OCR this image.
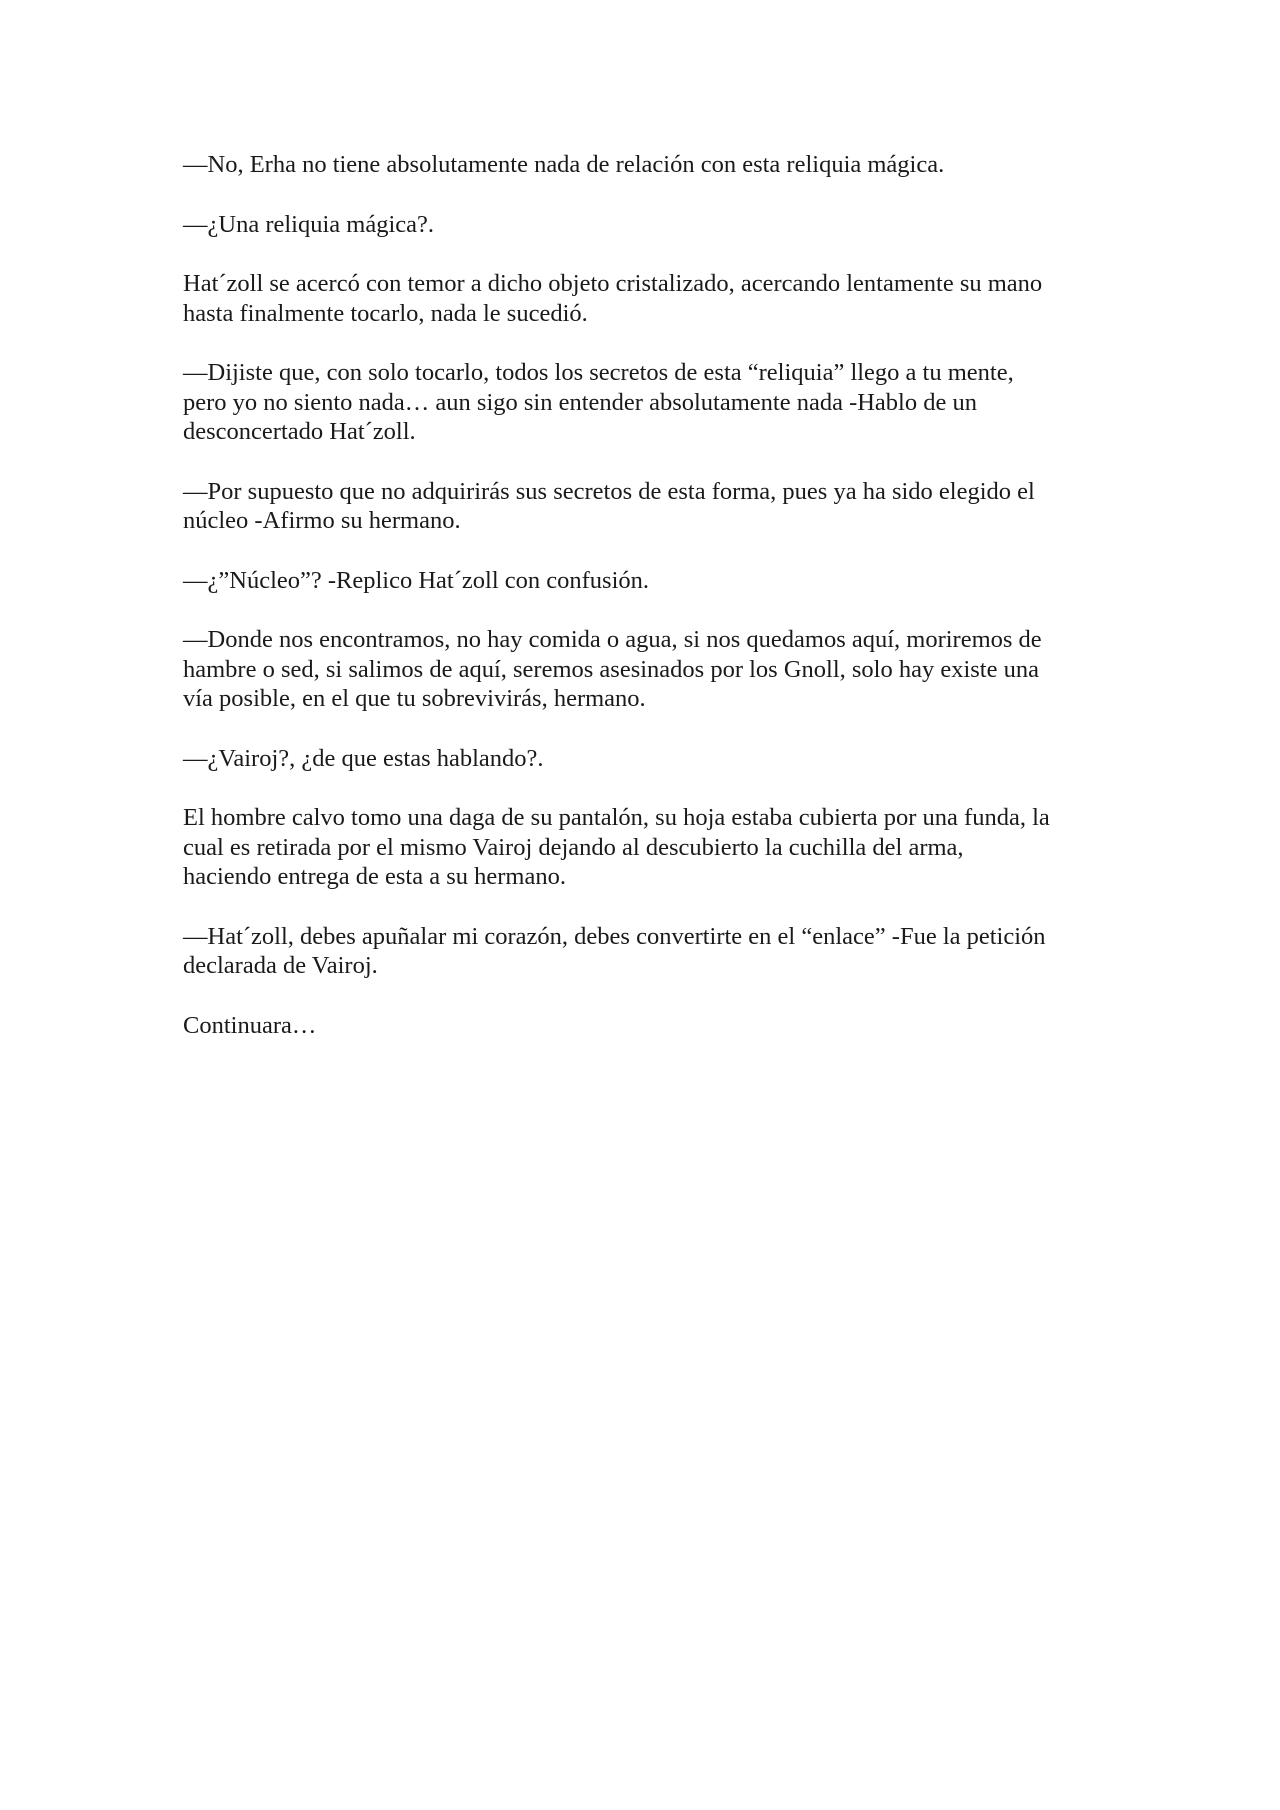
—No, Erha no tiene absolutamente nada de relación con esta reliquia mágica.

—¿Una reliquia mágica?.

Hat´zoll se acercó con temor a dicho objeto cristalizado, acercando lentamente su mano
hasta finalmente tocarlo, nada le sucedió.

—Dijiste que, con solo tocarlo, todos los secretos de esta “reliquia” llego a tu mente,
pero yo no siento nada… aun sigo sin entender absolutamente nada -Hablo de un
desconcertado Hat´zoll.

—Por supuesto que no adquirirás sus secretos de esta forma, pues ya ha sido elegido el
núcleo -Afirmo su hermano.

—¿”Núcleo”? -Replico Hat´zoll con confusión.

—Donde nos encontramos, no hay comida o agua, si nos quedamos aquí, moriremos de
hambre o sed, si salimos de aquí, seremos asesinados por los Gnoll, solo hay existe una
vía posible, en el que tu sobrevivirás, hermano.

—¿Vairoj?, ¿de que estas hablando?.

El hombre calvo tomo una daga de su pantalón, su hoja estaba cubierta por una funda, la
cual es retirada por el mismo Vairoj dejando al descubierto la cuchilla del arma,
haciendo entrega de esta a su hermano.

—Hat´zoll, debes apuñalar mi corazón, debes convertirte en el “enlace” -Fue la petición
declarada de Vairoj.

Continuara…
